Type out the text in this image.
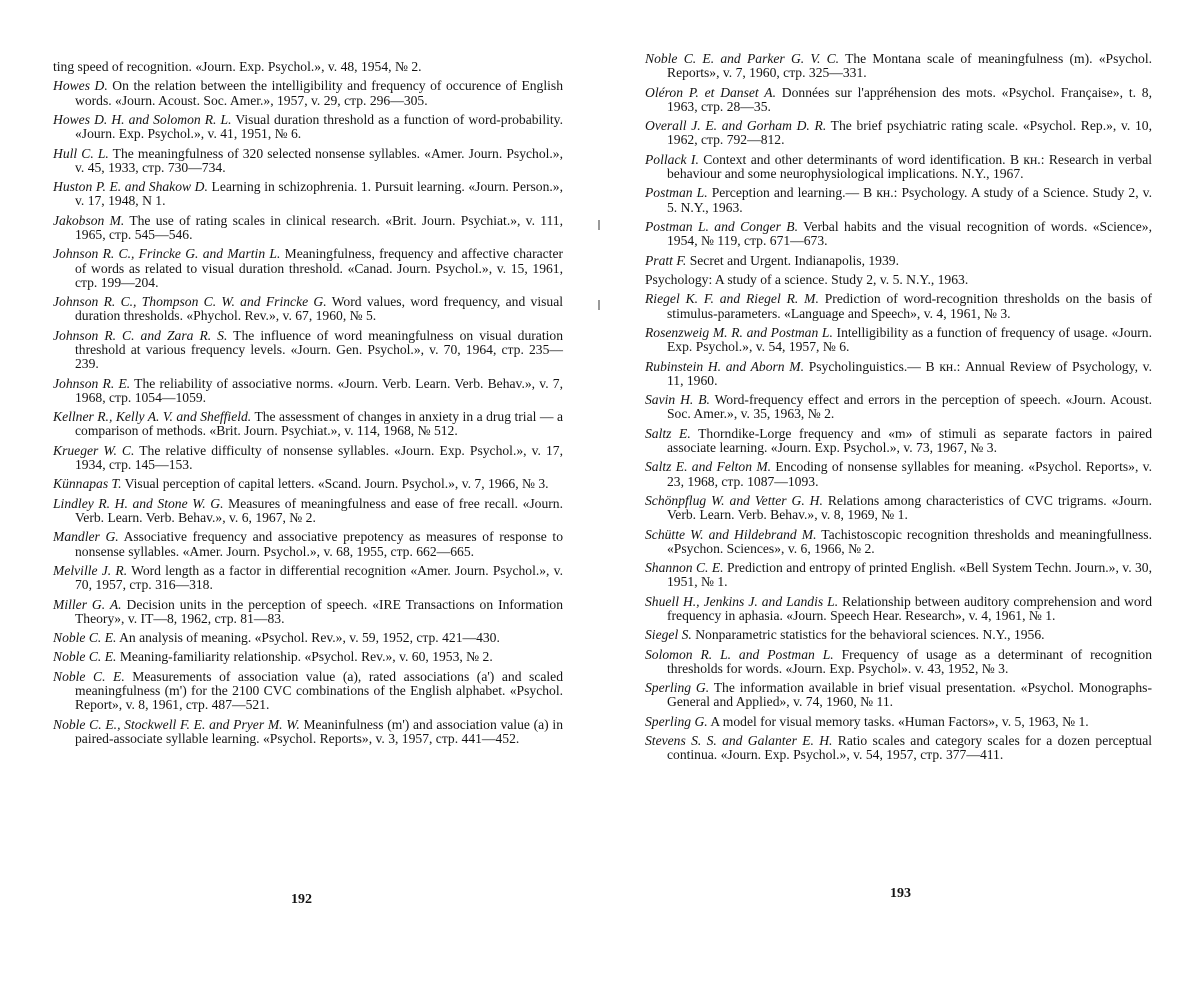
ting speed of recognition. «Journ. Exp. Psychol.», v. 48, 1954, № 2.

Howes D. On the relation between the intelligibility and frequency of occurence of English words. «Journ. Acoust. Soc. Amer.», 1957, v. 29, стр. 296—305.

Howes D. H. and Solomon R. L. Visual duration threshold as a function of word-probability. «Journ. Exp. Psychol.», v. 41, 1951, № 6.

Hull C. L. The meaningfulness of 320 selected nonsense syllables. «Amer. Journ. Psychol.», v. 45, 1933, стр. 730—734.

Huston P. E. and Shakow D. Learning in schizophrenia. 1. Pursuit learning. «Journ. Person.», v. 17, 1948, N 1.

Jakobson M. The use of rating scales in clinical research. «Brit. Journ. Psychiat.», v. 111, 1965, стр. 545—546.

Johnson R. C., Frincke G. and Martin L. Meaningfulness, frequency and affective character of words as related to visual duration threshold. «Canad. Journ. Psychol.», v. 15, 1961, стр. 199—204.

Johnson R. C., Thompson C. W. and Frincke G. Word values, word frequency, and visual duration thresholds. «Phychol. Rev.», v. 67, 1960, № 5.

Johnson R. C. and Zara R. S. The influence of word meaningfulness on visual duration threshold at various frequency levels. «Journ. Gen. Psychol.», v. 70, 1964, стр. 235—239.

Johnson R. E. The reliability of associative norms. «Journ. Verb. Learn. Verb. Behav.», v. 7, 1968, стр. 1054—1059.

Kellner R., Kelly A. V. and Sheffield. The assessment of changes in anxiety in a drug trial — a comparison of methods. «Brit. Journ. Psychiat.», v. 114, 1968, № 512.

Krueger W. C. The relative difficulty of nonsense syllables. «Journ. Exp. Psychol.», v. 17, 1934, стр. 145—153.

Künnapas T. Visual perception of capital letters. «Scand. Journ. Psychol.», v. 7, 1966, № 3.

Lindley R. H. and Stone W. G. Measures of meaningfulness and ease of free recall. «Journ. Verb. Learn. Verb. Behav.», v. 6, 1967, № 2.

Mandler G. Associative frequency and associative prepotency as measures of response to nonsense syllables. «Amer. Journ. Psychol.», v. 68, 1955, стр. 662—665.

Melville J. R. Word length as a factor in differential recognition «Amer. Journ. Psychol.», v. 70, 1957, стр. 316—318.

Miller G. A. Decision units in the perception of speech. «IRE Transactions on Information Theory», v. IT—8, 1962, стр. 81—83.

Noble C. E. An analysis of meaning. «Psychol. Rev.», v. 59, 1952, стр. 421—430.

Noble C. E. Meaning-familiarity relationship. «Psychol. Rev.», v. 60, 1953, № 2.

Noble C. E. Measurements of association value (a), rated associations (a') and scaled meaningfulness (m') for the 2100 CVC combinations of the English alphabet. «Psychol. Report», v. 8, 1961, стр. 487—521.

Noble C. E., Stockwell F. E. and Pryer M. W. Meaninfulness (m') and association value (a) in paired-associate syllable learning. «Psychol. Reports», v. 3, 1957, стр. 441—452.

192

Noble C. E. and Parker G. V. C. The Montana scale of meaningfulness (m). «Psychol. Reports», v. 7, 1960, стр. 325—331.

Oléron P. et Danset A. Données sur l'appréhension des mots. «Psychol. Française», t. 8, 1963, стр. 28—35.

Overall J. E. and Gorham D. R. The brief psychiatric rating scale. «Psychol. Rep.», v. 10, 1962, стр. 792—812.

Pollack I. Context and other determinants of word identification. В кн.: Research in verbal behaviour and some neurophysiological implications. N.Y., 1967.

Postman L. Perception and learning.— В кн.: Psychology. A study of a Science. Study 2, v. 5. N.Y., 1963.

Postman L. and Conger B. Verbal habits and the visual recognition of words. «Science», 1954, № 119, стр. 671—673.

Pratt F. Secret and Urgent. Indianapolis, 1939.

Psychology: A study of a science. Study 2, v. 5. N.Y., 1963.

Riegel K. F. and Riegel R. M. Prediction of word-recognition thresholds on the basis of stimulus-parameters. «Language and Speech», v. 4, 1961, № 3.

Rosenzweig M. R. and Postman L. Intelligibility as a function of frequency of usage. «Journ. Exp. Psychol.», v. 54, 1957, № 6.

Rubinstein H. and Aborn M. Psycholinguistics.— В кн.: Annual Review of Psychology, v. 11, 1960.

Savin H. B. Word-frequency effect and errors in the perception of speech. «Journ. Acoust. Soc. Amer.», v. 35, 1963, № 2.

Saltz E. Thorndike-Lorge frequency and «m» of stimuli as separate factors in paired associate learning. «Journ. Exp. Psychol.», v. 73, 1967, № 3.

Saltz E. and Felton M. Encoding of nonsense syllables for meaning. «Psychol. Reports», v. 23, 1968, стр. 1087—1093.

Schönpflug W. and Vetter G. H. Relations among characteristics of CVC trigrams. «Journ. Verb. Learn. Verb. Behav.», v. 8, 1969, № 1.

Schütte W. and Hildebrand M. Tachistoscopic recognition thresholds and meaningfullness. «Psychon. Sciences», v. 6, 1966, № 2.

Shannon C. E. Prediction and entropy of printed English. «Bell System Techn. Journ.», v. 30, 1951, № 1.

Shuell H., Jenkins J. and Landis L. Relationship between auditory comprehension and word frequency in aphasia. «Journ. Speech Hear. Research», v. 4, 1961, № 1.

Siegel S. Nonparametric statistics for the behavioral sciences. N.Y., 1956.

Solomon R. L. and Postman L. Frequency of usage as a determinant of recognition thresholds for words. «Journ. Exp. Psychol». v. 43, 1952, № 3.

Sperling G. The information available in brief visual presentation. «Psychol. Monographs-General and Applied», v. 74, 1960, № 11.

Sperling G. A model for visual memory tasks. «Human Factors», v. 5, 1963, № 1.

Stevens S. S. and Galanter E. H. Ratio scales and category scales for a dozen perceptual continua. «Journ. Exp. Psychol.», v. 54, 1957, стр. 377—411.

193
